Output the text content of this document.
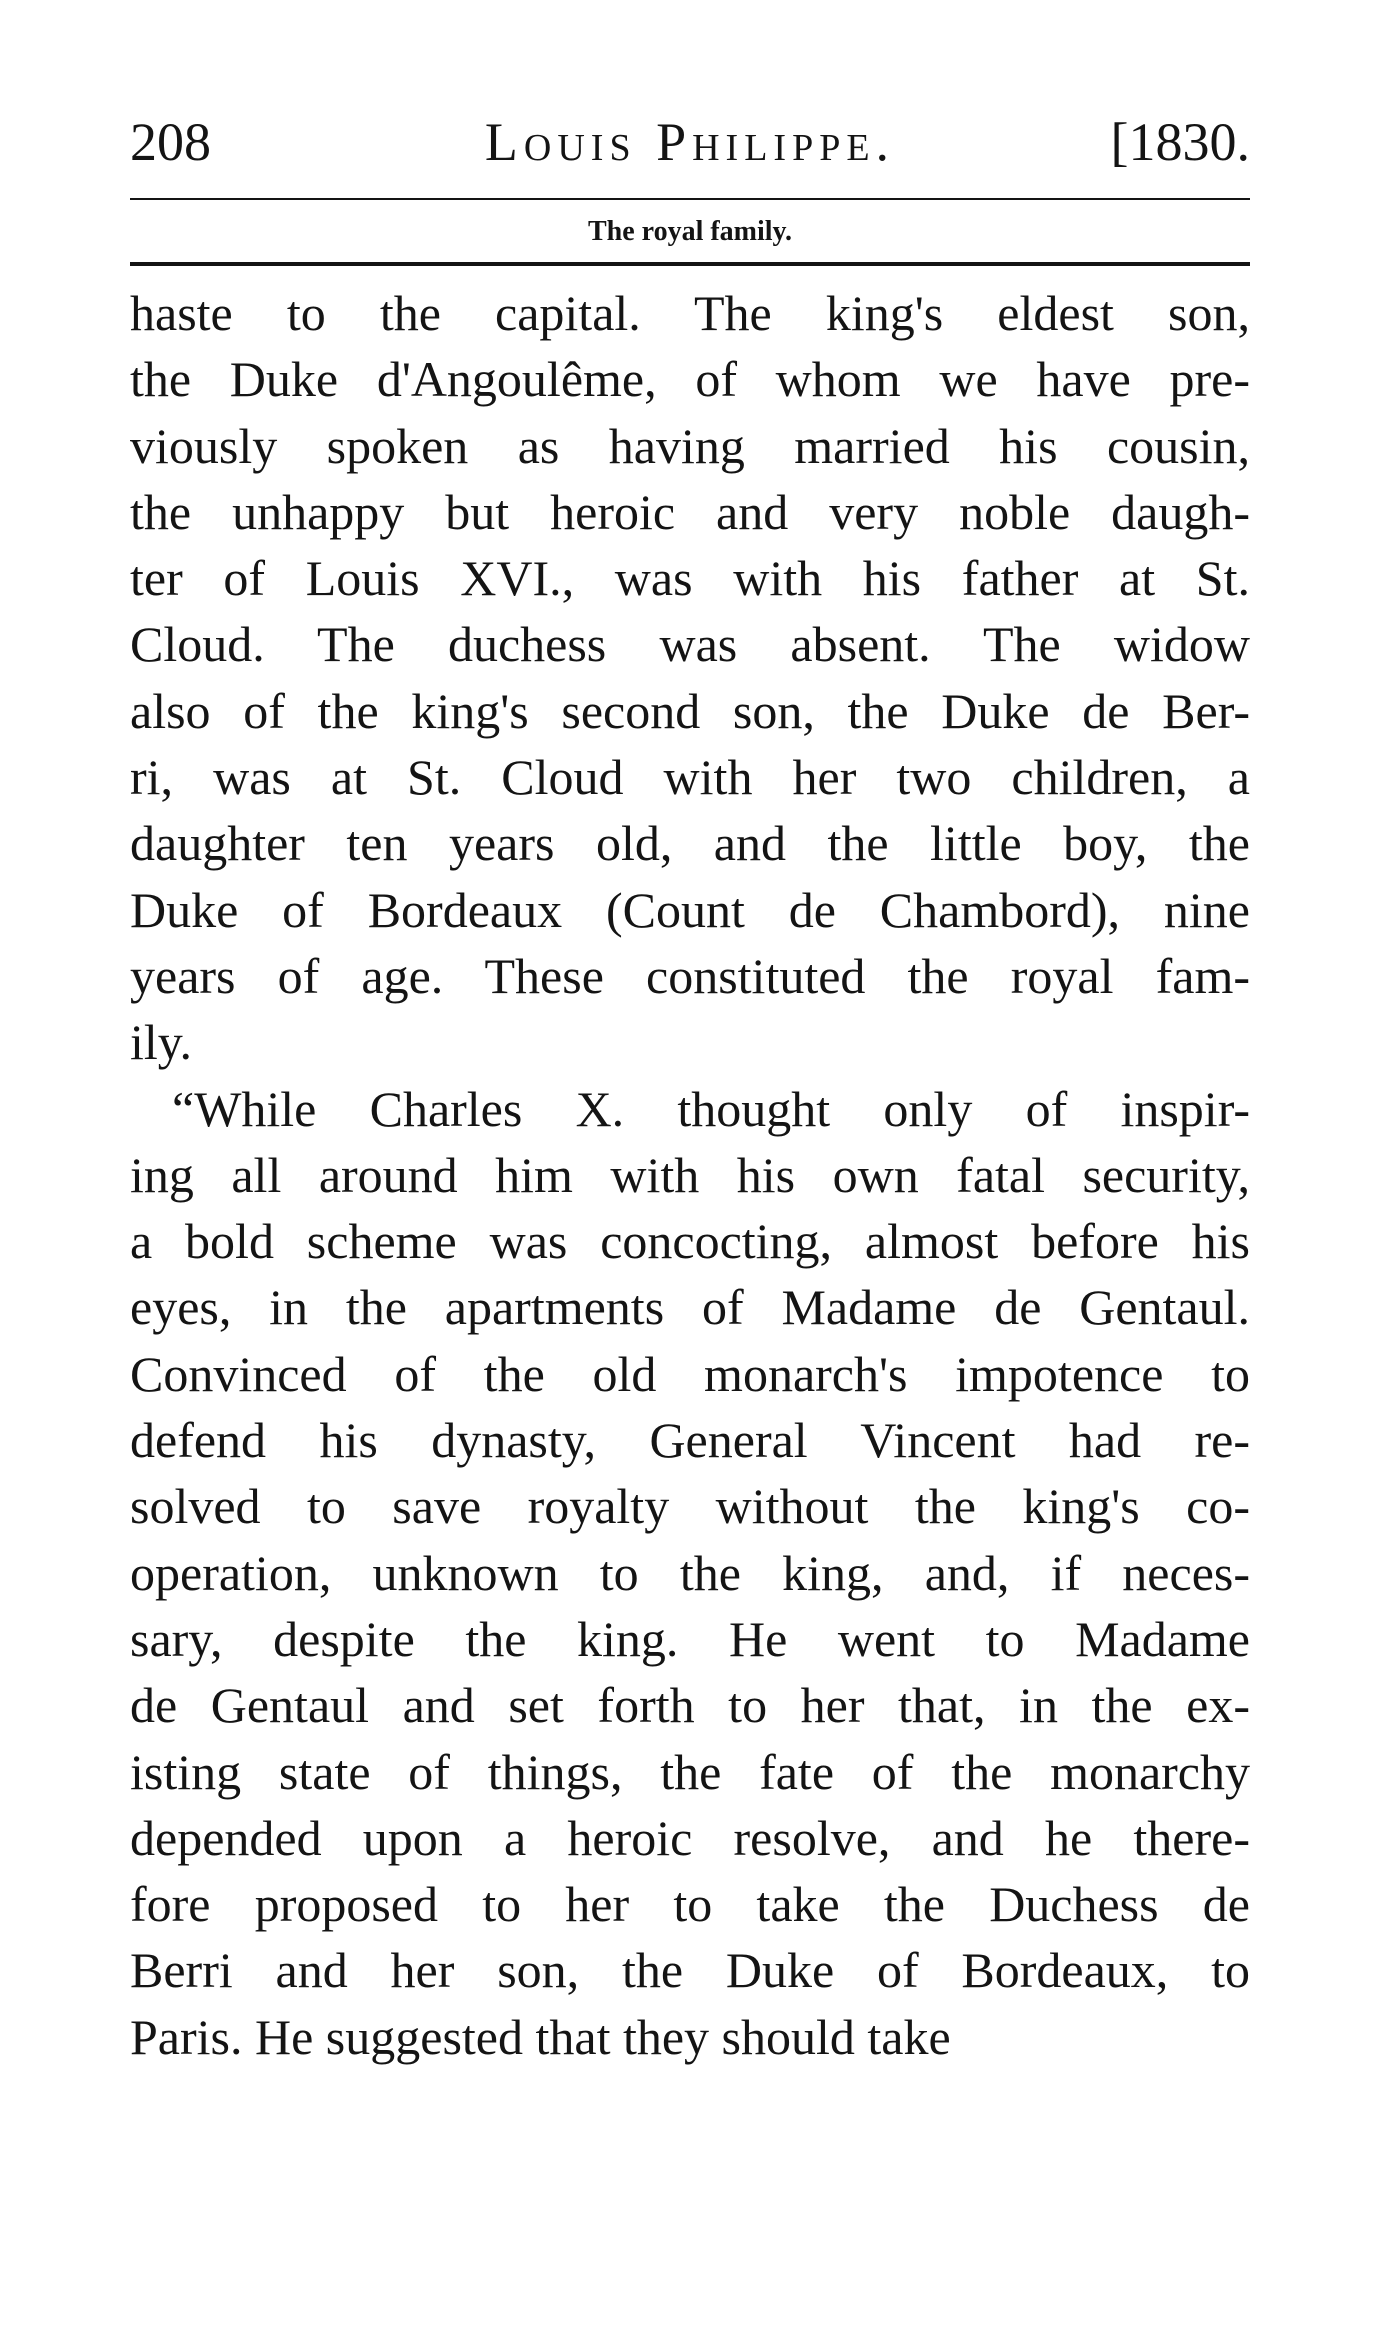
208	Louis Philippe.	[1830.
The royal family.
haste to the capital. The king's eldest son,
the Duke d'Angoulême, of whom we have pre-
viously spoken as having married his cousin,
the unhappy but heroic and very noble daugh-
ter of Louis XVI., was with his father at St.
Cloud. The duchess was absent. The widow
also of the king's second son, the Duke de Ber-
ri, was at St. Cloud with her two children, a
daughter ten years old, and the little boy, the
Duke of Bordeaux (Count de Chambord), nine
years of age. These constituted the royal fam-
ily.
“While Charles X. thought only of inspir-
ing all around him with his own fatal security,
a bold scheme was concocting, almost before his
eyes, in the apartments of Madame de Gentaul.
Convinced of the old monarch's impotence to
defend his dynasty, General Vincent had re-
solved to save royalty without the king's co-
operation, unknown to the king, and, if neces-
sary, despite the king. He went to Madame
de Gentaul and set forth to her that, in the ex-
isting state of things, the fate of the monarchy
depended upon a heroic resolve, and he there-
fore proposed to her to take the Duchess de
Berri and her son, the Duke of Bordeaux, to
Paris. He suggested that they should take
